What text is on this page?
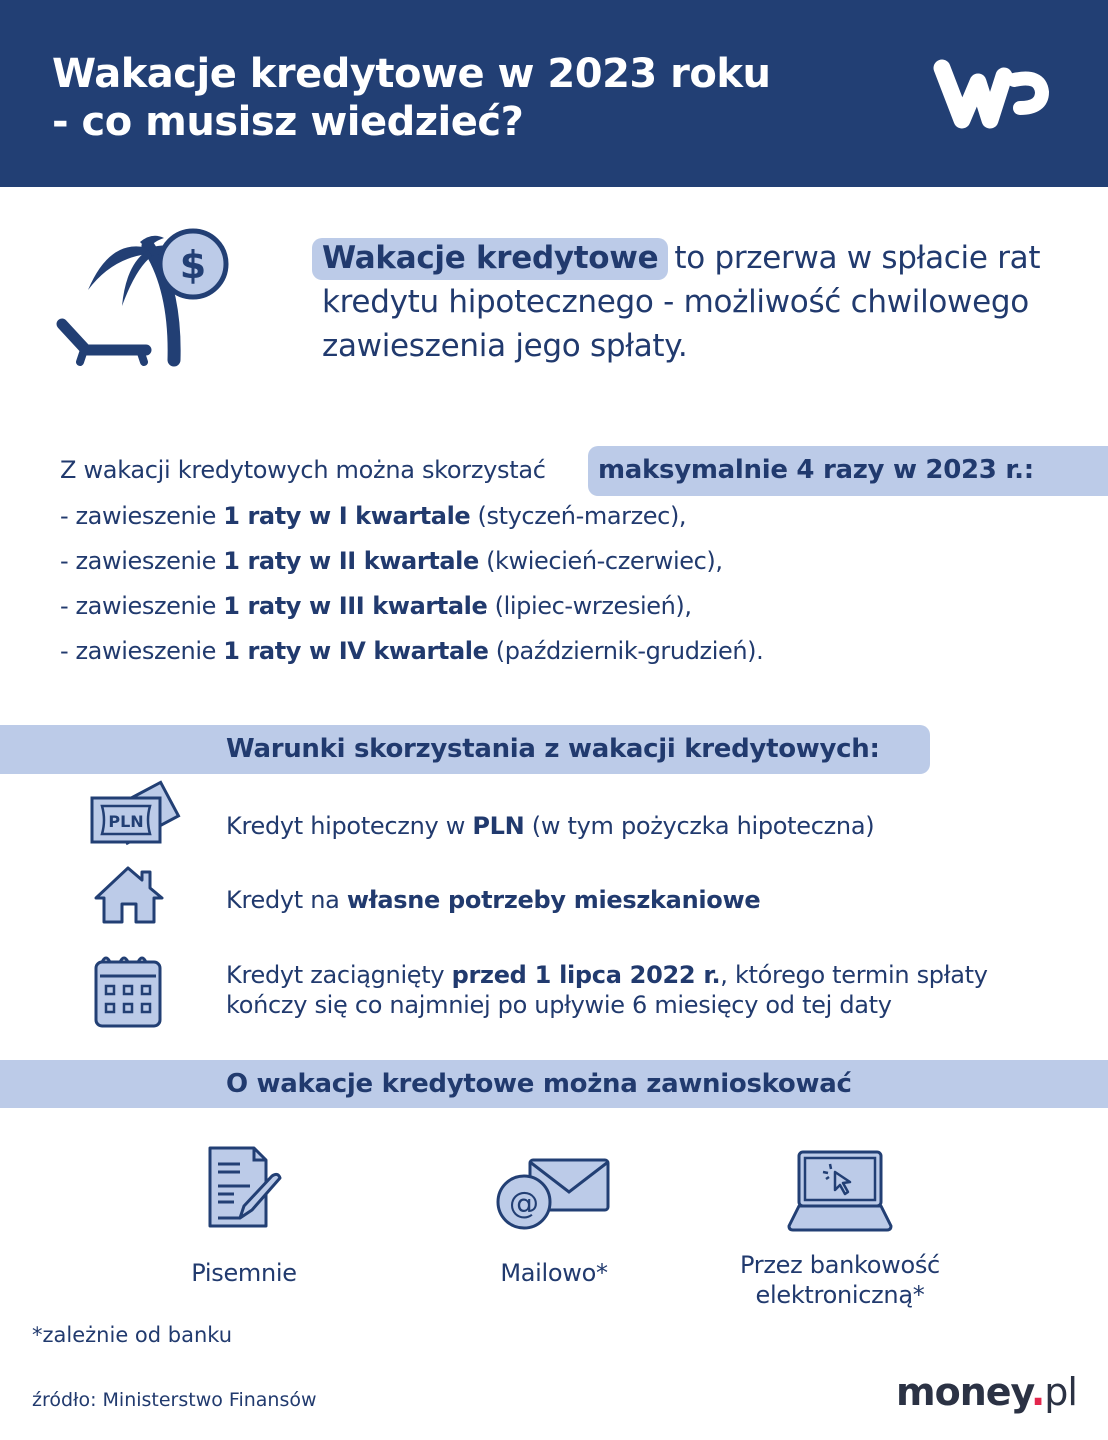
Wakacje kredytowe w 2023 roku
- co musisz wiedzieć?
$	Wakacje kredytowe to przerwa w spłacie rat kredytu hipotecznego - możliwość chwilowego zawieszenia jego spłaty.
Z wakacji kredytowych można skorzystać	maksymalnie 4 razy w 2023 r.:
- zawieszenie 1 raty w I kwartale (styczeń-marzec),
- zawieszenie 1 raty w II kwartale (kwiecień-czerwiec),
- zawieszenie 1 raty w III kwartale (lipiec-wrzesień),
- zawieszenie 1 raty w IV kwartale (październik-grudzień).
Warunki skorzystania z wakacji kredytowych:
PLN	Kredyt hipoteczny w PLN (w tym pożyczka hipoteczna)
Kredyt na własne potrzeby mieszkaniowe
Kredyt zaciągnięty przed 1 lipca 2022 r., którego termin spłaty
kończy się co najmniej po upływie 6 miesięcy od tej daty
O wakacje kredytowe można zawnioskować
Pisemnie
@
Mailowo*	Przez bankowość
elektroniczną*
*zależnie od banku
źródło: Ministerstwo Finansów	money.pl
